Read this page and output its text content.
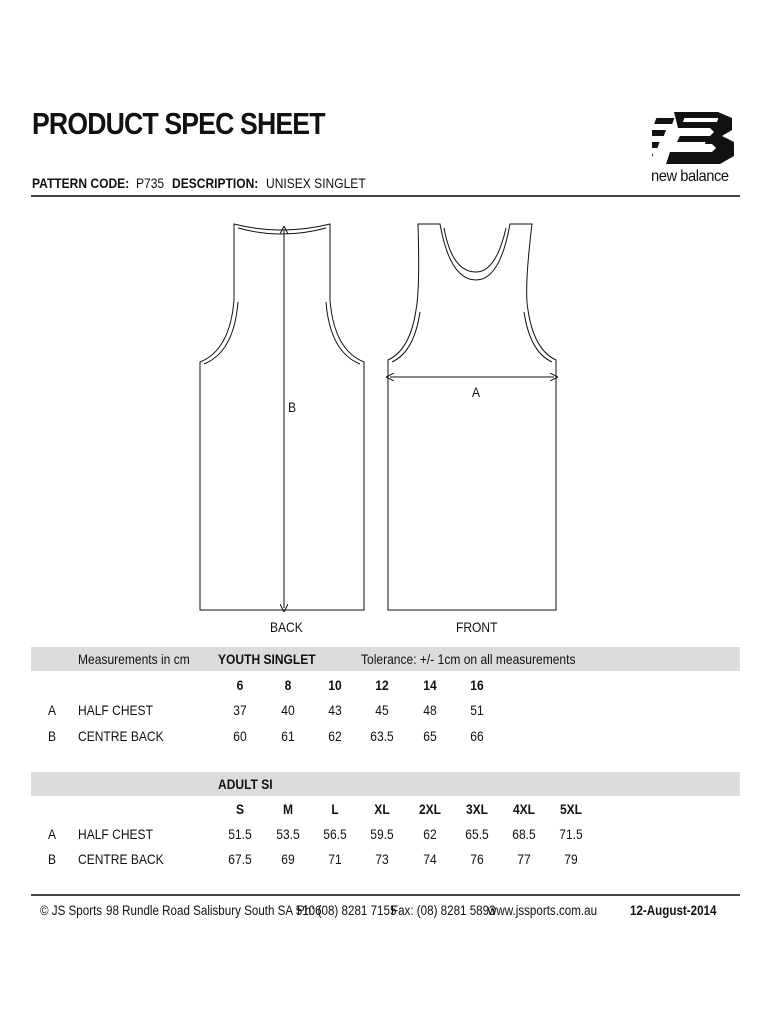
PRODUCT SPEC SHEET
new balance
PATTERN CODE: P735 DESCRIPTION: UNISEX SINGLET
B
A
BACK	FRONT
Measurements in cm YOUTH SINGLET	Tolerance: +/- 1cm on all measurements
6	8	10	12	14	16
A HALF CHEST	37	40	43	45	48	51
B CENTRE BACK	60	61	62	63.5	65	66
ADULT SI
S	M	L	XL	2XL	3XL	4XL	5XL
A HALF CHEST	51.5	53.5	56.5	59.5	62	65.5	68.5	71.5
B CENTRE BACK	67.5	69	71	73	74	76	77	79
© JS Sports 98 Rundle Road Salisbury South SA 5106
Ph: (08) 8281 7155
Fax: (08) 8281 5893
www.jssports.com.au 12-August-2014
